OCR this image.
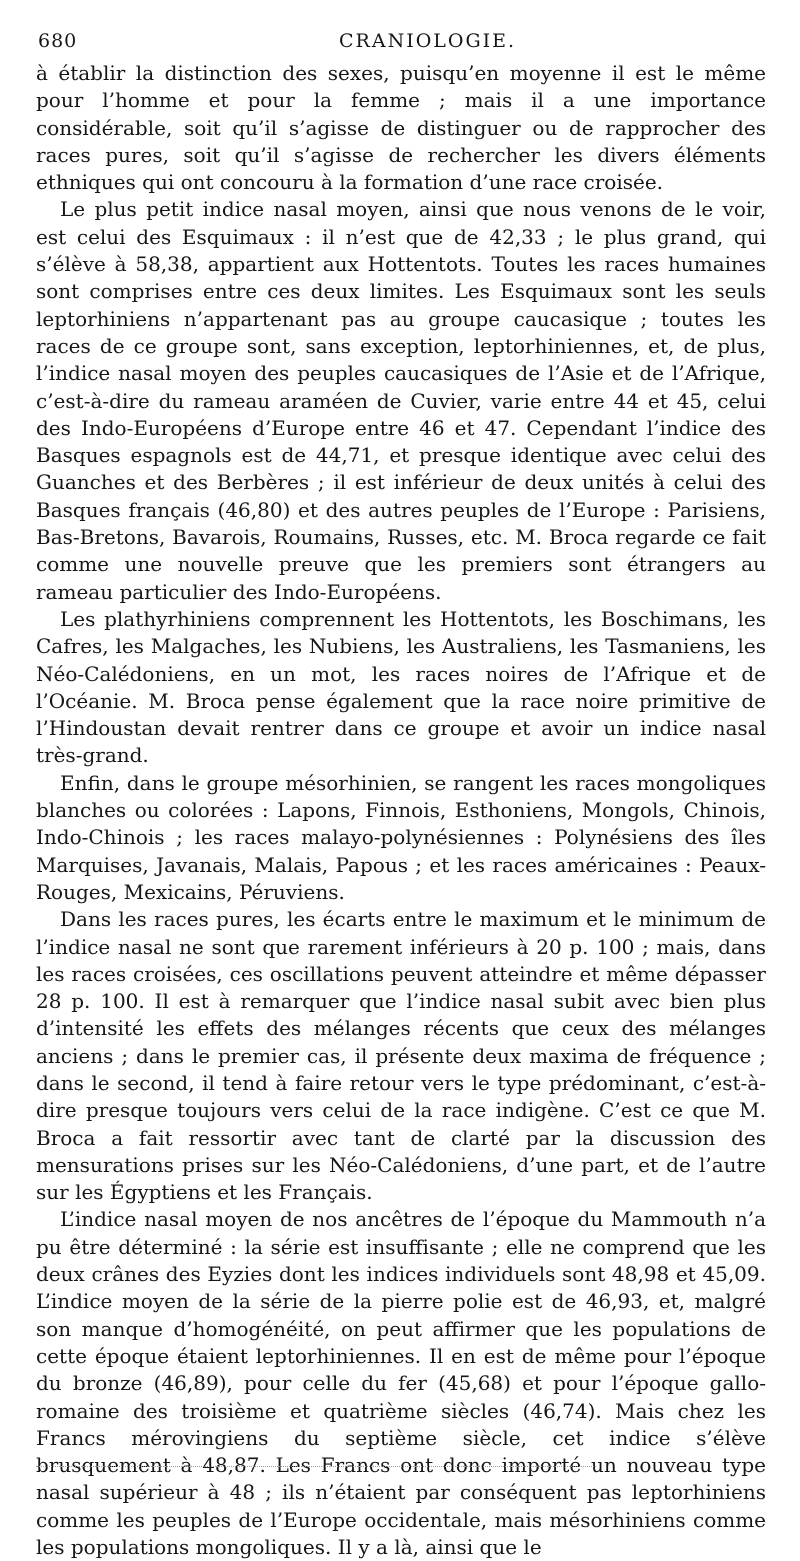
680	CRANIOLOGIE.

à établir la distinction des sexes, puisqu’en moyenne il est le même pour l’homme et pour la femme ; mais il a une importance considérable, soit qu’il s’agisse de distinguer ou de rapprocher des races pures, soit qu’il s’agisse de rechercher les divers éléments ethniques qui ont concouru à la formation d’une race croisée.

Le plus petit indice nasal moyen, ainsi que nous venons de le voir, est celui des Esquimaux : il n’est que de 42,33 ; le plus grand, qui s’élève à 58,38, appartient aux Hottentots. Toutes les races humaines sont comprises entre ces deux limites. Les Esquimaux sont les seuls leptorhiniens n’appartenant pas au groupe caucasique ; toutes les races de ce groupe sont, sans exception, leptorhiniennes, et, de plus, l’indice nasal moyen des peuples caucasiques de l’Asie et de l’Afrique, c’est-à-dire du rameau araméen de Cuvier, varie entre 44 et 45, celui des Indo-Européens d’Europe entre 46 et 47. Cependant l’indice des Basques espagnols est de 44,71, et presque identique avec celui des Guanches et des Berbères ; il est inférieur de deux unités à celui des Basques français (46,80) et des autres peuples de l’Europe : Parisiens, Bas-Bretons, Bavarois, Roumains, Russes, etc. M. Broca regarde ce fait comme une nouvelle preuve que les premiers sont étrangers au rameau particulier des Indo-Européens.

Les plathyrhiniens comprennent les Hottentots, les Boschimans, les Cafres, les Malgaches, les Nubiens, les Australiens, les Tasmaniens, les Néo-Calédoniens, en un mot, les races noires de l’Afrique et de l’Océanie. M. Broca pense également que la race noire primitive de l’Hindoustan devait rentrer dans ce groupe et avoir un indice nasal très-grand.

Enfin, dans le groupe mésorhinien, se rangent les races mongoliques blanches ou colorées : Lapons, Finnois, Esthoniens, Mongols, Chinois, Indo-Chinois ; les races malayo-polynésiennes : Polynésiens des îles Marquises, Javanais, Malais, Papous ; et les races américaines : Peaux-Rouges, Mexicains, Péruviens.

Dans les races pures, les écarts entre le maximum et le minimum de l’indice nasal ne sont que rarement inférieurs à 20 p. 100 ; mais, dans les races croisées, ces oscillations peuvent atteindre et même dépasser 28 p. 100. Il est à remarquer que l’indice nasal subit avec bien plus d’intensité les effets des mélanges récents que ceux des mélanges anciens ; dans le premier cas, il présente deux maxima de fréquence ; dans le second, il tend à faire retour vers le type prédominant, c’est-à-dire presque toujours vers celui de la race indigène. C’est ce que M. Broca a fait ressortir avec tant de clarté par la discussion des mensurations prises sur les Néo-Calédoniens, d’une part, et de l’autre sur les Égyptiens et les Français.

L’indice nasal moyen de nos ancêtres de l’époque du Mammouth n’a pu être déterminé : la série est insuffisante ; elle ne comprend que les deux crânes des Eyzies dont les indices individuels sont 48,98 et 45,09. L’indice moyen de la série de la pierre polie est de 46,93, et, malgré son manque d’homogénéité, on peut affirmer que les populations de cette époque étaient leptorhiniennes. Il en est de même pour l’époque du bronze (46,89), pour celle du fer (45,68) et pour l’époque gallo-romaine des troisième et quatrième siècles (46,74). Mais chez les Francs mérovingiens du septième siècle, cet indice s’élève brusquement à 48,87. Les Francs ont donc importé un nouveau type nasal supérieur à 48 ; ils n’étaient par conséquent pas leptorhiniens comme les peuples de l’Europe occidentale, mais mésorhiniens comme les populations mongoliques. Il y a là, ainsi que le
